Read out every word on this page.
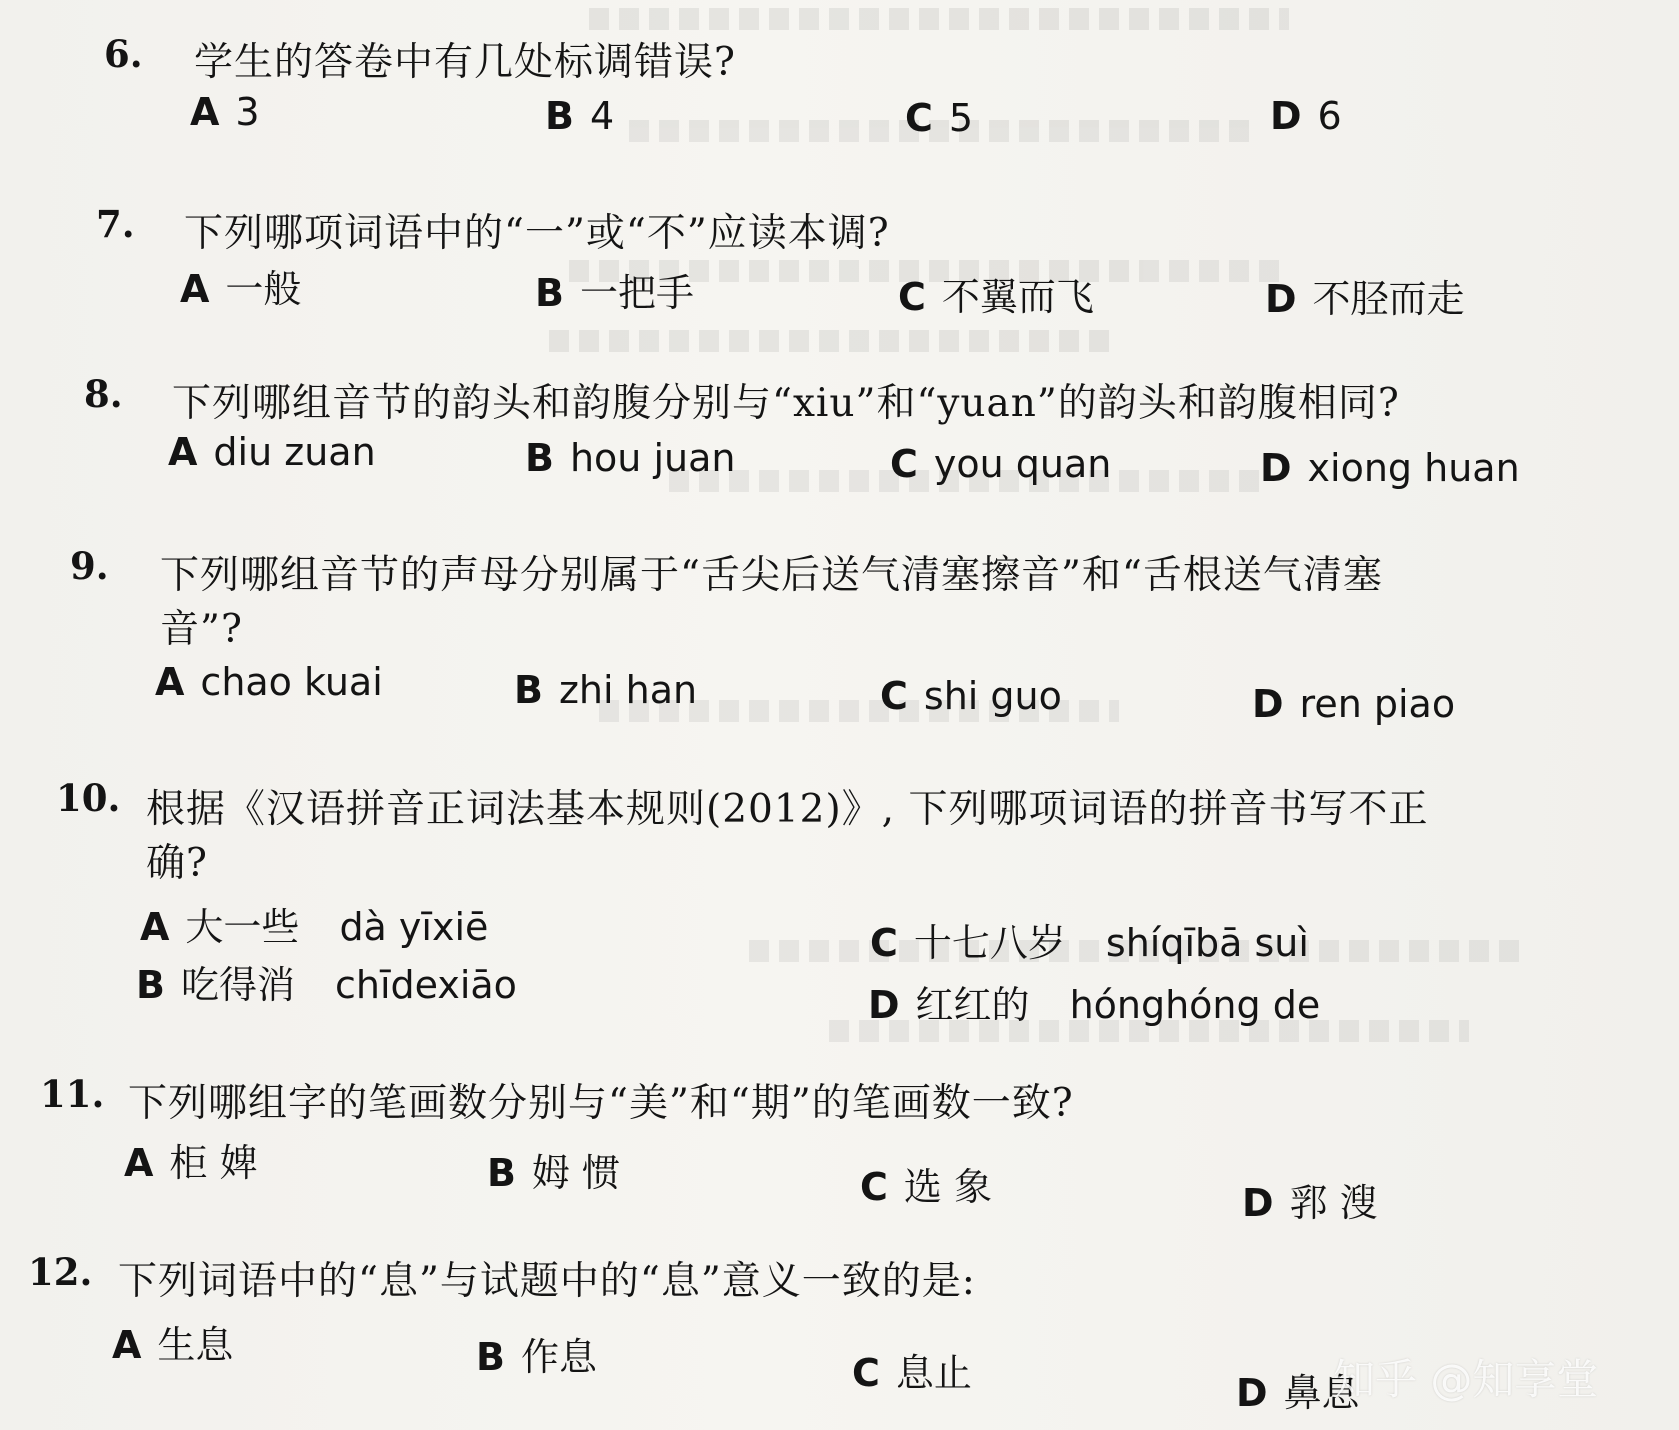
6. 学生的答卷中有几处标调错误?
A 3	B 4	C 5	D 6
7. 下列哪项词语中的“一”或“不”应读本调?
A 一般	B 一把手	C 不翼而飞	D 不胫而走
8. 下列哪组音节的韵头和韵腹分别与“xiu”和“yuan”的韵头和韵腹相同?
A diu zuan	B hou juan	C you quan	D xiong huan
9. 下列哪组音节的声母分别属于“舌尖后送气清塞擦音”和“舌根送气清塞
音”?
A chao kuai	B zhi han	C shi guo	D ren piao
10. 根据《汉语拼音正词法基本规则(2012)》, 下列哪项词语的拼音书写不正
确?
A 大一些 dà yīxiē
B 吃得消 chīdexiāo
C 十七八岁 shíqībā suì
D 红红的 hónghóng de
11. 下列哪组字的笔画数分别与“美”和“期”的笔画数一致?
A 柜 婢	B 姆 惯	C 选 象	D 郛 溲
12. 下列词语中的“息”与试题中的“息”意义一致的是:
A 生息	B 作息	C 息止	D 鼻息
知乎 @知享堂
